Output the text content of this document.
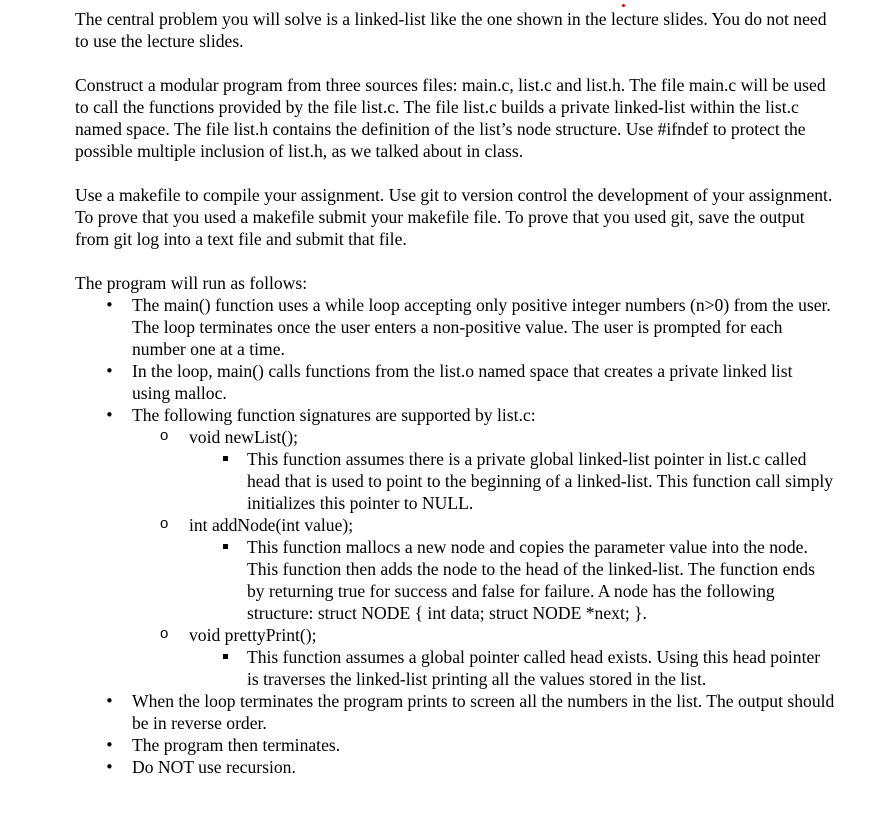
The central problem you will solve is a linked-list like the one shown in the lecture slides. You do not need to use the lecture slides.

Construct a modular program from three sources files: main.c, list.c and list.h. The file main.c will be used to call the functions provided by the file list.c. The file list.c builds a private linked-list within the list.c named space. The file list.h contains the definition of the list’s node structure. Use #ifndef to protect the possible multiple inclusion of list.h, as we talked about in class.

Use a makefile to compile your assignment. Use git to version control the development of your assignment. To prove that you used a makefile submit your makefile file. To prove that you used git, save the output from git log into a text file and submit that file.

The program will run as follows:

• The main() function uses a while loop accepting only positive integer numbers (n>0) from the user. The loop terminates once the user enters a non-positive value. The user is prompted for each number one at a time.
• In the loop, main() calls functions from the list.o named space that creates a private linked list using malloc.
• The following function signatures are supported by list.c:
o void newList();
This function assumes there is a private global linked-list pointer in list.c called head that is used to point to the beginning of a linked-list. This function call simply initializes this pointer to NULL.
o int addNode(int value);
This function mallocs a new node and copies the parameter value into the node. This function then adds the node to the head of the linked-list. The function ends by returning true for success and false for failure. A node has the following structure: struct NODE { int data; struct NODE *next; }.
o void prettyPrint();
This function assumes a global pointer called head exists. Using this head pointer is traverses the linked-list printing all the values stored in the list.
• When the loop terminates the program prints to screen all the numbers in the list. The output should be in reverse order.
• The program then terminates.
• Do NOT use recursion.
